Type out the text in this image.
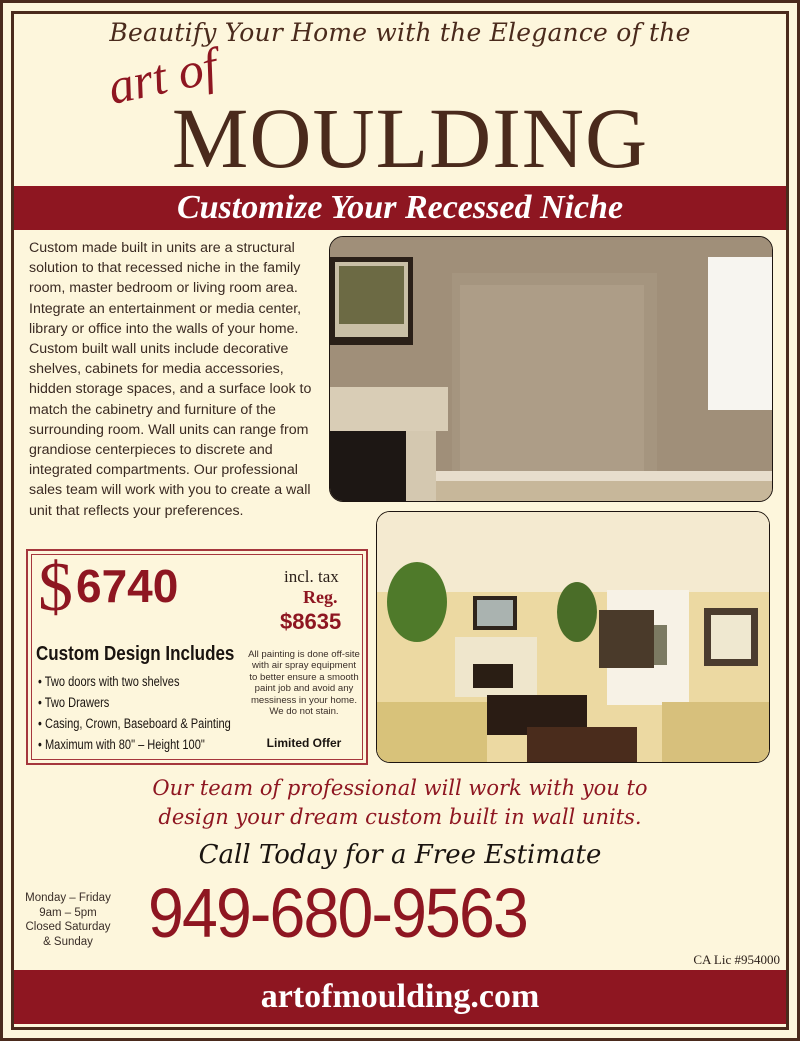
Beautify Your Home with the Elegance of the
art of
MOULDING
Customize Your Recessed Niche
Custom made built in units are a structural solution to that recessed niche in the family room, master bedroom or living room area. Integrate an entertainment or media center, library or office into the walls of your home. Custom built wall units include decorative shelves, cabinets for media accessories, hidden storage spaces, and a surface look to match the cabinetry and furniture of the surrounding room. Wall units can range from grandiose centerpieces to discrete and integrated compartments. Our professional sales team will work with you to create a wall unit that reflects your preferences.
$ 6740	incl. tax
Reg.
$8635
Custom Design Includes
• Two doors with two shelves
• Two Drawers
• Casing, Crown, Baseboard & Painting
• Maximum with 80" – Height 100"
All painting is done off-site with air spray equipment to better ensure a smooth paint job and avoid any messiness in your home. We do not stain.
Limited Offer
Our team of professional will work with you to
design your dream custom built in wall units.
Call Today for a Free Estimate
Monday – Friday
9am – 5pm
Closed Saturday
& Sunday 949-680-9563
CA Lic #954000
artofmoulding.com
